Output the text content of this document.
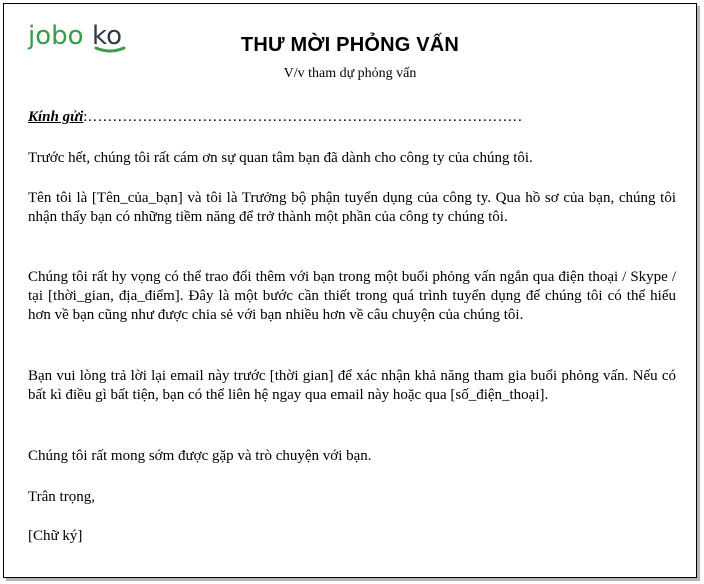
jobo ko	THƯ MỜI PHỎNG VẤN
V/v tham dự phỏng vấn
Kính gửi:……………………………………………………………………………
Trước hết, chúng tôi rất cám ơn sự quan tâm bạn đã dành cho công ty của chúng tôi.
Tên tôi là [Tên_của_bạn] và tôi là Trưởng bộ phận tuyển dụng của công ty. Qua hồ sơ của bạn, chúng tôi nhận thấy bạn có những tiềm năng để trở thành một phần của công ty chúng tôi.
Chúng tôi rất hy vọng có thể trao đổi thêm với bạn trong một buổi phỏng vấn ngắn qua điện thoại / Skype / tại [thời_gian, địa_điểm]. Đây là một bước cần thiết trong quá trình tuyển dụng để chúng tôi có thể hiểu hơn về bạn cũng như được chia sẻ với bạn nhiều hơn về câu chuyện của chúng tôi.
Bạn vui lòng trả lời lại email này trước [thời gian] để xác nhận khả năng tham gia buổi phỏng vấn. Nếu có bất kì điều gì bất tiện, bạn có thể liên hệ ngay qua email này hoặc qua [số_điện_thoại].
Chúng tôi rất mong sớm được gặp và trò chuyện với bạn.
Trân trọng,
[Chữ ký]
